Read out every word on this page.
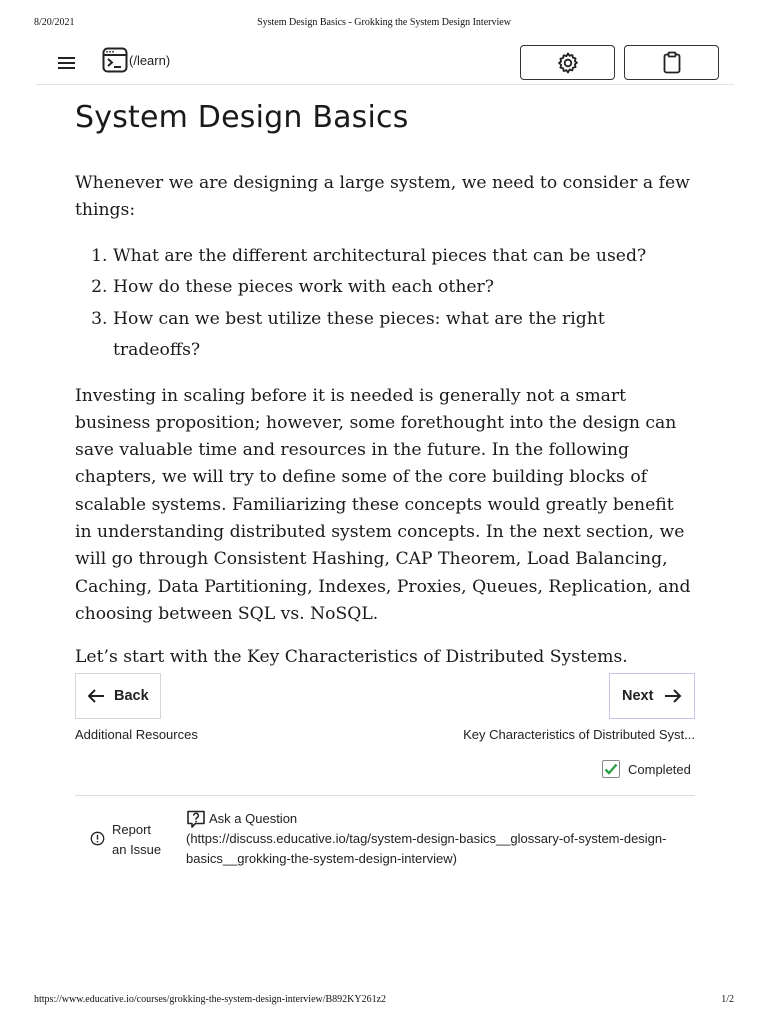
8/20/2021	System Design Basics - Grokking the System Design Interview
(/learn)
System Design Basics

Whenever we are designing a large system, we need to consider a few things:

1. What are the different architectural pieces that can be used?
2. How do these pieces work with each other?
3. How can we best utilize these pieces: what are the right tradeoffs?

Investing in scaling before it is needed is generally not a smart business proposition; however, some forethought into the design can save valuable time and resources in the future. In the following chapters, we will try to define some of the core building blocks of scalable systems. Familiarizing these concepts would greatly benefit in understanding distributed system concepts. In the next section, we will go through Consistent Hashing, CAP Theorem, Load Balancing, Caching, Data Partitioning, Indexes, Proxies, Queues, Replication, and choosing between SQL vs. NoSQL.

Let’s start with the Key Characteristics of Distributed Systems.

Back
Additional Resources
Next
Key Characteristics of Distributed Syst...
Completed
Report
an Issue
Ask a Question
(https://discuss.educative.io/tag/system-design-basics__glossary-of-system-design-
basics__grokking-the-system-design-interview)
https://www.educative.io/courses/grokking-the-system-design-interview/B892KY261z2	1/2
